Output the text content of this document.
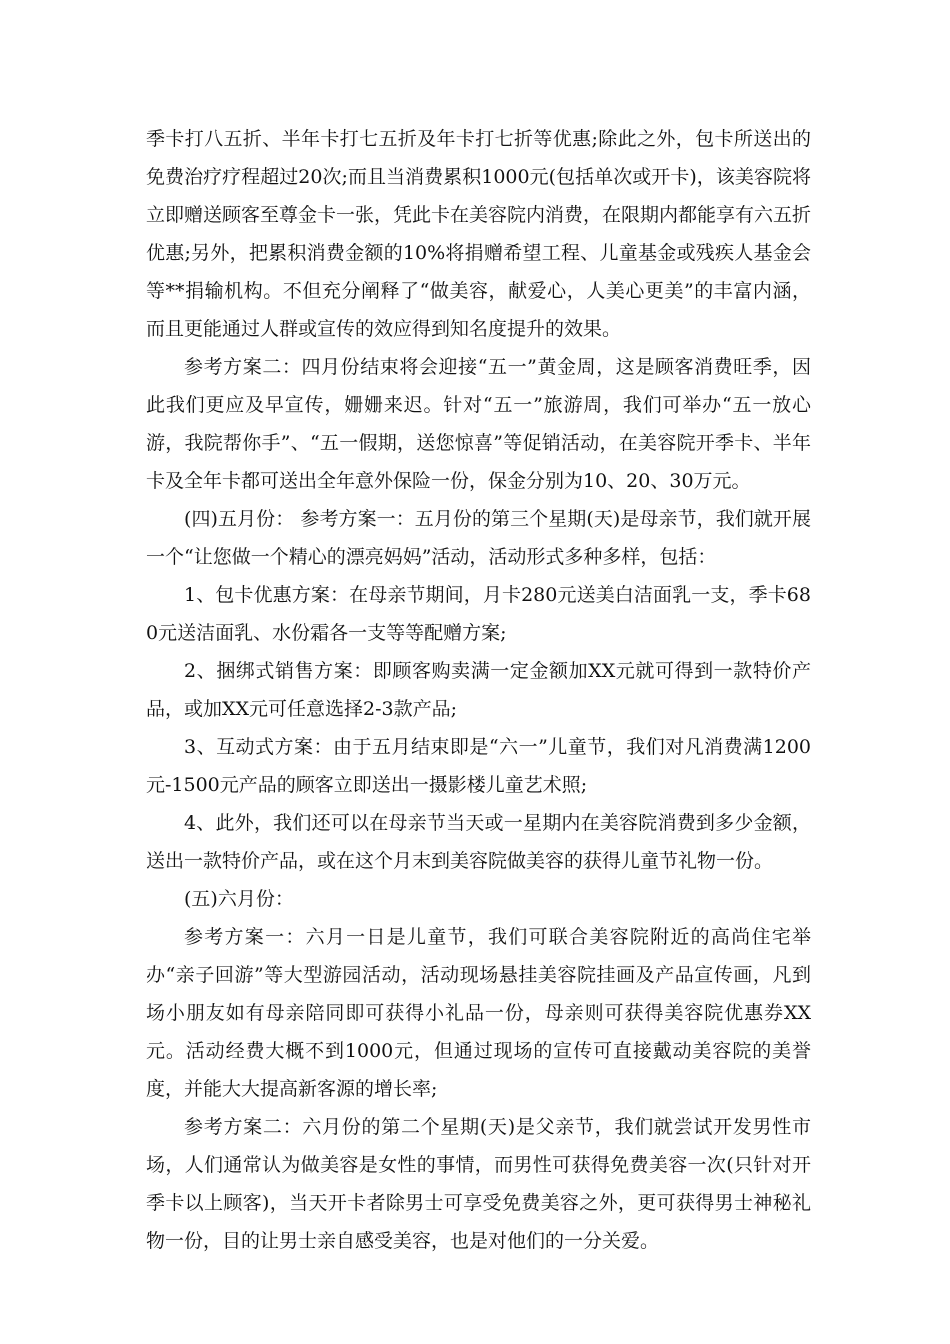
季卡打八五折、半年卡打七五折及年卡打七折等优惠;除此之外，包卡所送出的免费治疗疗程超过20次;而且当消费累积1000元(包括单次或开卡)，该美容院将立即赠送顾客至尊金卡一张，凭此卡在美容院内消费，在限期内都能享有六五折优惠;另外，把累积消费金额的10%将捐赠希望工程、儿童基金或残疾人基金会等**捐输机构。不但充分阐释了“做美容，献爱心，人美心更美”的丰富内涵，而且更能通过人群或宣传的效应得到知名度提升的效果。

参考方案二：四月份结束将会迎接“五一”黄金周，这是顾客消费旺季，因此我们更应及早宣传，姗姗来迟。针对“五一”旅游周，我们可举办“五一放心游，我院帮你手”、“五一假期，送您惊喜”等促销活动，在美容院开季卡、半年卡及全年卡都可送出全年意外保险一份，保金分别为10、20、30万元。

(四)五月份： 参考方案一：五月份的第三个星期(天)是母亲节，我们就开展一个“让您做一个精心的漂亮妈妈”活动，活动形式多种多样，包括：

1、包卡优惠方案：在母亲节期间，月卡280元送美白洁面乳一支，季卡680元送洁面乳、水份霜各一支等等配赠方案;

2、捆绑式销售方案：即顾客购卖满一定金额加XX元就可得到一款特价产品，或加XX元可任意选择2-3款产品;

3、互动式方案：由于五月结束即是“六一”儿童节，我们对凡消费满1200元-1500元产品的顾客立即送出一摄影楼儿童艺术照;

4、此外，我们还可以在母亲节当天或一星期内在美容院消费到多少金额，送出一款特价产品，或在这个月末到美容院做美容的获得儿童节礼物一份。

(五)六月份：

参考方案一：六月一日是儿童节，我们可联合美容院附近的高尚住宅举办“亲子回游”等大型游园活动，活动现场悬挂美容院挂画及产品宣传画，凡到场小朋友如有母亲陪同即可获得小礼品一份，母亲则可获得美容院优惠券XX元。活动经费大概不到1000元，但通过现场的宣传可直接戴动美容院的美誉度，并能大大提高新客源的增长率;

参考方案二：六月份的第二个星期(天)是父亲节，我们就尝试开发男性市场，人们通常认为做美容是女性的事情，而男性可获得免费美容一次(只针对开季卡以上顾客)，当天开卡者除男士可享受免费美容之外，更可获得男士神秘礼物一份，目的让男士亲自感受美容，也是对他们的一分关爱。
